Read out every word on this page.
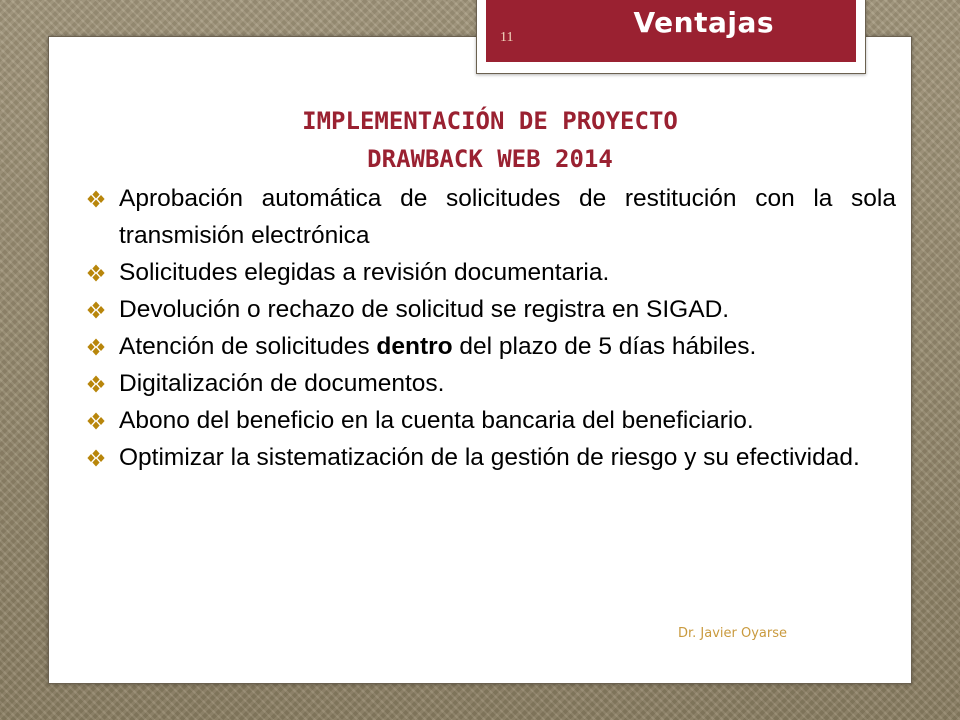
Ventajas
11
IMPLEMENTACIÓN DE PROYECTO
DRAWBACK WEB 2014
Aprobación automática de solicitudes de restitución con la sola transmisión electrónica
Solicitudes elegidas a revisión documentaria.
Devolución o rechazo de solicitud se registra en SIGAD.
Atención de solicitudes dentro del plazo de 5 días hábiles.
Digitalización de documentos.
Abono del beneficio en la cuenta bancaria del beneficiario.
Optimizar la sistematización de la gestión de riesgo y su efectividad.
Dr. Javier Oyarse
